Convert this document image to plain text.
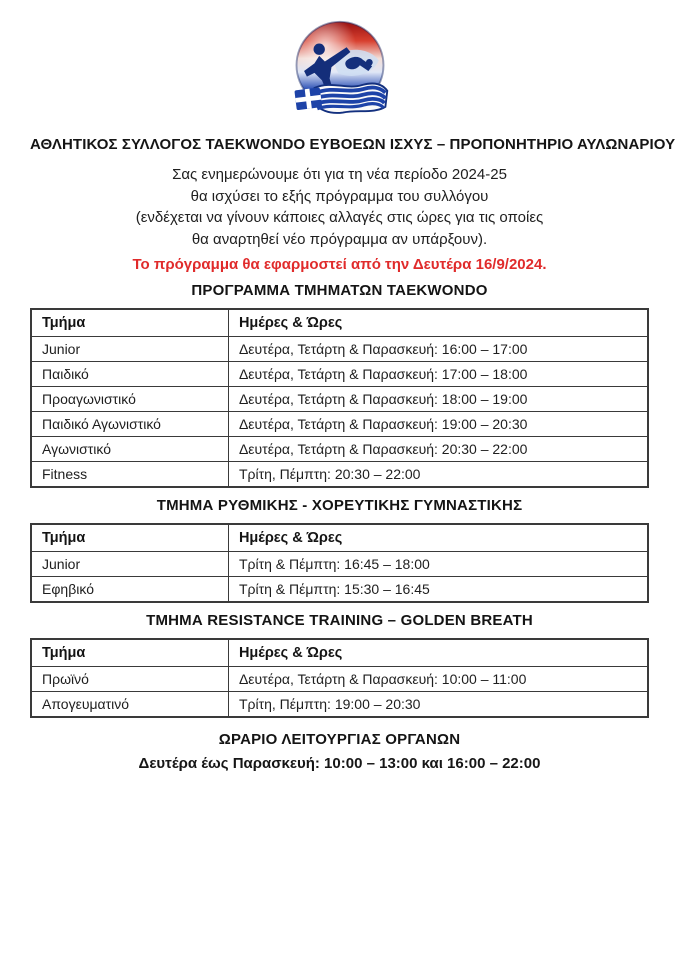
ΑΘΛΗΤΙΚΟΣ ΣΥΛΛΟΓΟΣ TAEKWONDO ΕΥΒΟΕΩΝ ΙΣΧΥΣ – ΠΡΟΠΟΝΗΤΗΡΙΟ ΑΥΛΩΝΑΡΙΟΥ
Σας ενημερώνουμε ότι για τη νέα περίοδο 2024-25
θα ισχύσει το εξής πρόγραμμα του συλλόγου
(ενδέχεται να γίνουν κάποιες αλλαγές στις ώρες για τις οποίες
θα αναρτηθεί νέο πρόγραμμα αν υπάρξουν).
Το πρόγραμμα θα εφαρμοστεί από την Δευτέρα 16/9/2024.
ΠΡΟΓΡΑΜΜΑ ΤΜΗΜΑΤΩΝ TAEKWONDO
Τμήμα	Ημέρες & Ώρες
Junior	Δευτέρα, Τετάρτη & Παρασκευή: 16:00 – 17:00
Παιδικό	Δευτέρα, Τετάρτη & Παρασκευή: 17:00 – 18:00
Προαγωνιστικό	Δευτέρα, Τετάρτη & Παρασκευή: 18:00 – 19:00
Παιδικό Αγωνιστικό	Δευτέρα, Τετάρτη & Παρασκευή: 19:00 – 20:30
Αγωνιστικό	Δευτέρα, Τετάρτη & Παρασκευή: 20:30 – 22:00
Fitness	Τρίτη, Πέμπτη: 20:30 – 22:00
ΤΜΗΜΑ ΡΥΘΜΙΚΗΣ - ΧΟΡΕΥΤΙΚΗΣ ΓΥΜΝΑΣΤΙΚΗΣ
Τμήμα	Ημέρες & Ώρες
Junior	Τρίτη & Πέμπτη: 16:45 – 18:00
Εφηβικό	Τρίτη & Πέμπτη: 15:30 – 16:45
ΤΜΗΜΑ RESISTANCE TRAINING – GOLDEN BREATH
Τμήμα	Ημέρες & Ώρες
Πρωϊνό	Δευτέρα, Τετάρτη & Παρασκευή: 10:00 – 11:00
Απογευματινό	Τρίτη, Πέμπτη: 19:00 – 20:30
ΩΡΑΡΙΟ ΛΕΙΤΟΥΡΓΙΑΣ ΟΡΓΑΝΩΝ
Δευτέρα έως Παρασκευή: 10:00 – 13:00 και 16:00 – 22:00
